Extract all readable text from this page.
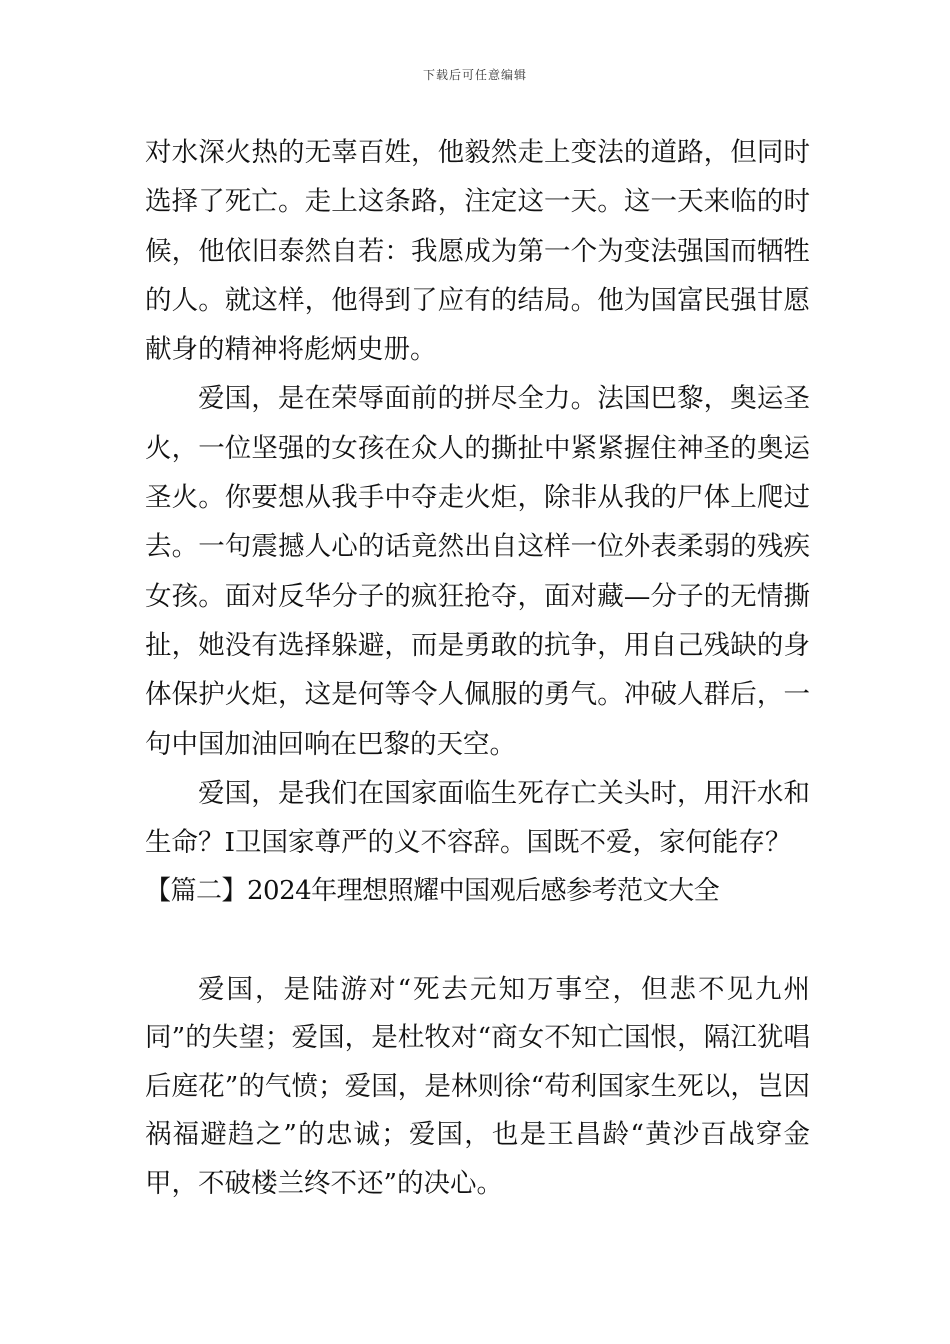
下载后可任意编辑

对水深火热的无辜百姓，他毅然走上变法的道路，但同时选择了死亡。走上这条路，注定这一天。这一天来临的时候，他依旧泰然自若：我愿成为第一个为变法强国而牺牲的人。就这样，他得到了应有的结局。他为国富民强甘愿献身的精神将彪炳史册。

爱国，是在荣辱面前的拼尽全力。法国巴黎，奥运圣火，一位坚强的女孩在众人的撕扯中紧紧握住神圣的奥运圣火。你要想从我手中夺走火炬，除非从我的尸体上爬过去。一句震撼人心的话竟然出自这样一位外表柔弱的残疾女孩。面对反华分子的疯狂抢夺，面对藏—分子的无情撕扯，她没有选择躲避，而是勇敢的抗争，用自己残缺的身体保护火炬，这是何等令人佩服的勇气。冲破人群后，一句中国加油回响在巴黎的天空。

爱国，是我们在国家面临生死存亡关头时，用汗水和生命？I卫国家尊严的义不容辞。国既不爱，家何能存？

【篇二】2024年理想照耀中国观后感参考范文大全

爱国，是陆游对“死去元知万事空，但悲不见九州同”的失望；爱国，是杜牧对“商女不知亡国恨，隔江犹唱后庭花”的气愤；爱国，是林则徐“苟利国家生死以，岂因祸福避趋之”的忠诚；爱国，也是王昌龄“黄沙百战穿金甲，不破楼兰终不还”的决心。
